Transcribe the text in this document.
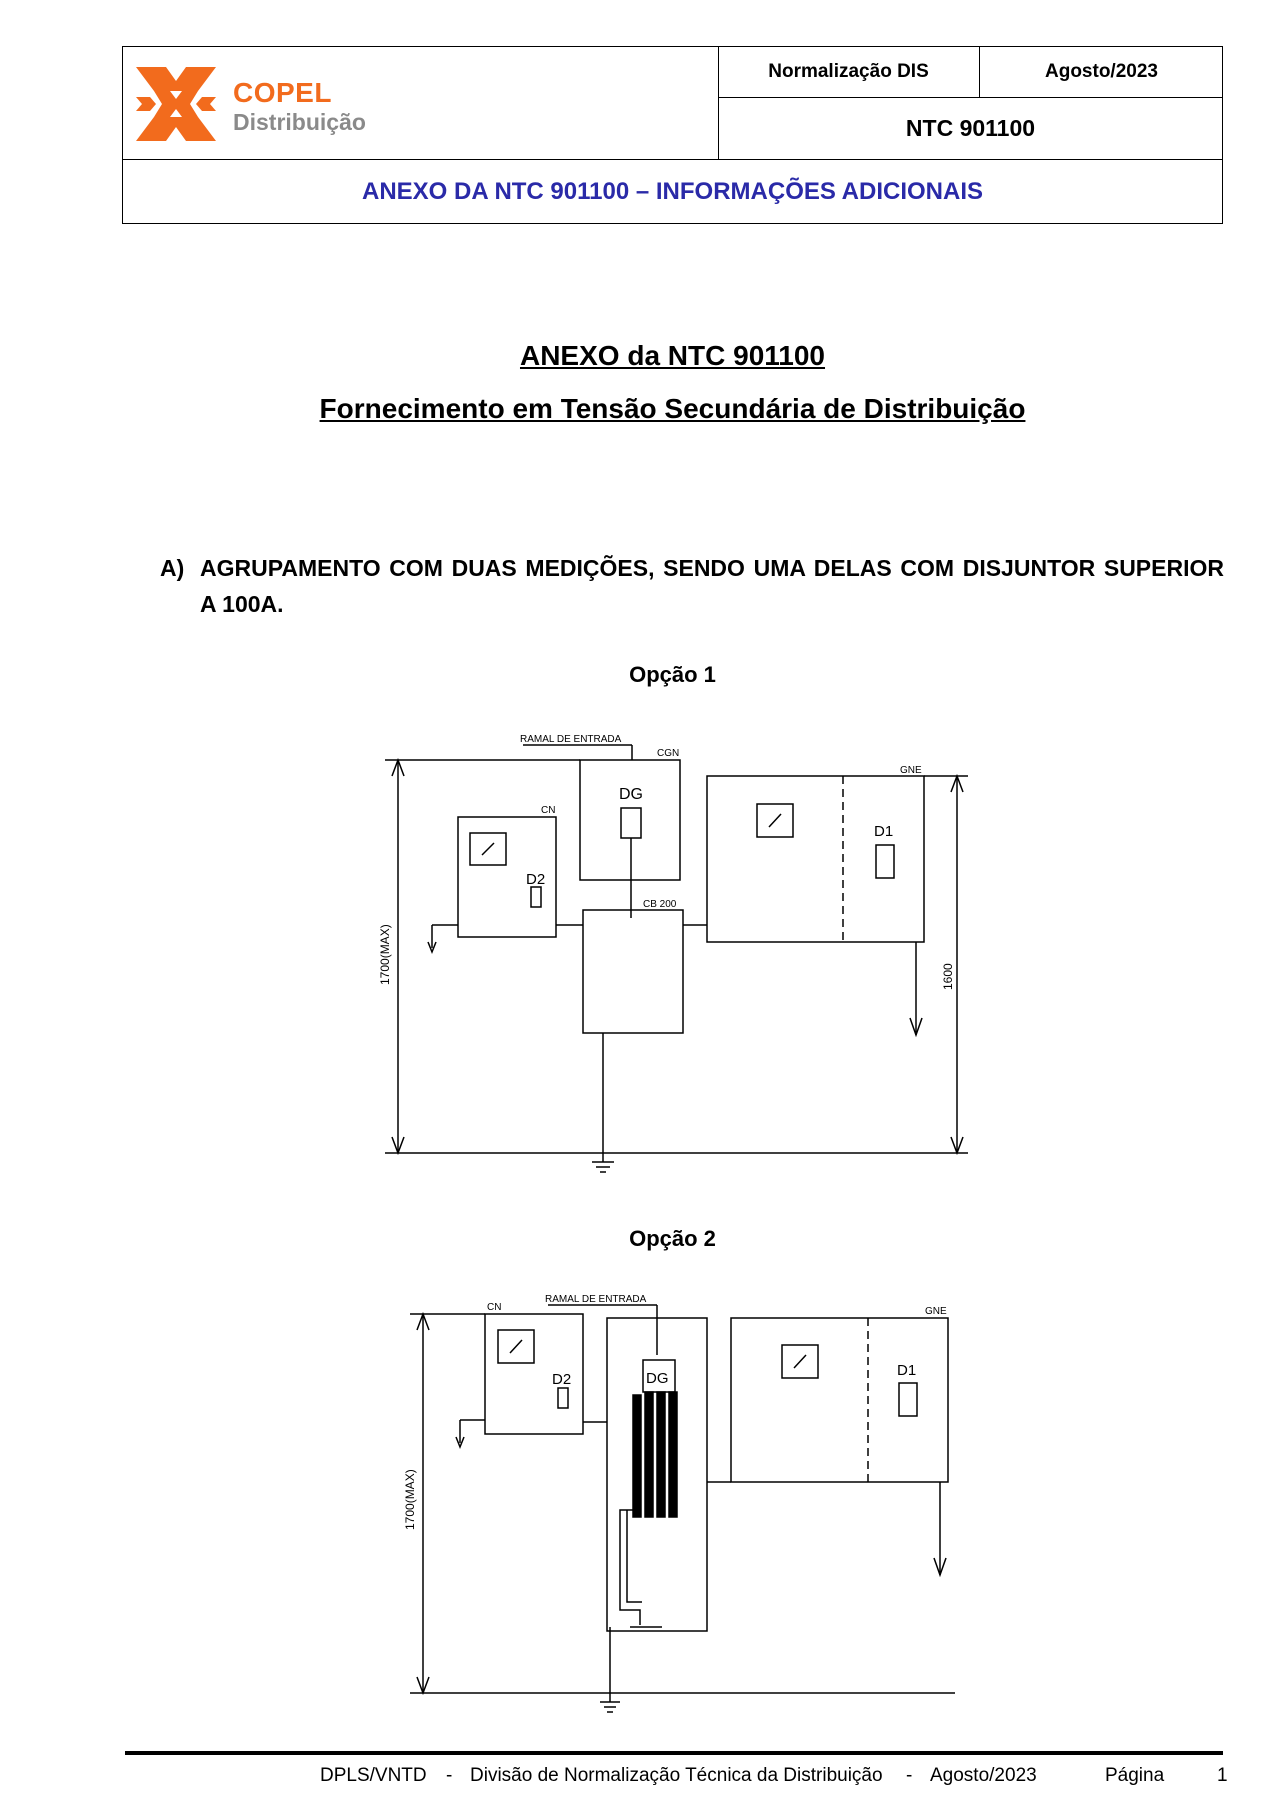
COPEL
Distribuição
Normalização DIS	Agosto/2023
NTC 901100
ANEXO DA NTC 901100 – INFORMAÇÕES ADICIONAIS
ANEXO da NTC 901100
Fornecimento em Tensão Secundária de Distribuição
A) AGRUPAMENTO COM DUAS MEDIÇÕES, SENDO UMA DELAS COM DISJUNTOR SUPERIOR A 100A.
Opção 1
RAMAL DE ENTRADA
CGN
DG
CN
D2
CB 200
GNE
D1
1700(MAX)	1600
Opção 2
RAMAL DE ENTRADA
CN
D2	DG
GNE
D1
1700(MAX)
DPLS/VNTD - Divisão de Normalização Técnica da Distribuição - Agosto/2023	Página	1
